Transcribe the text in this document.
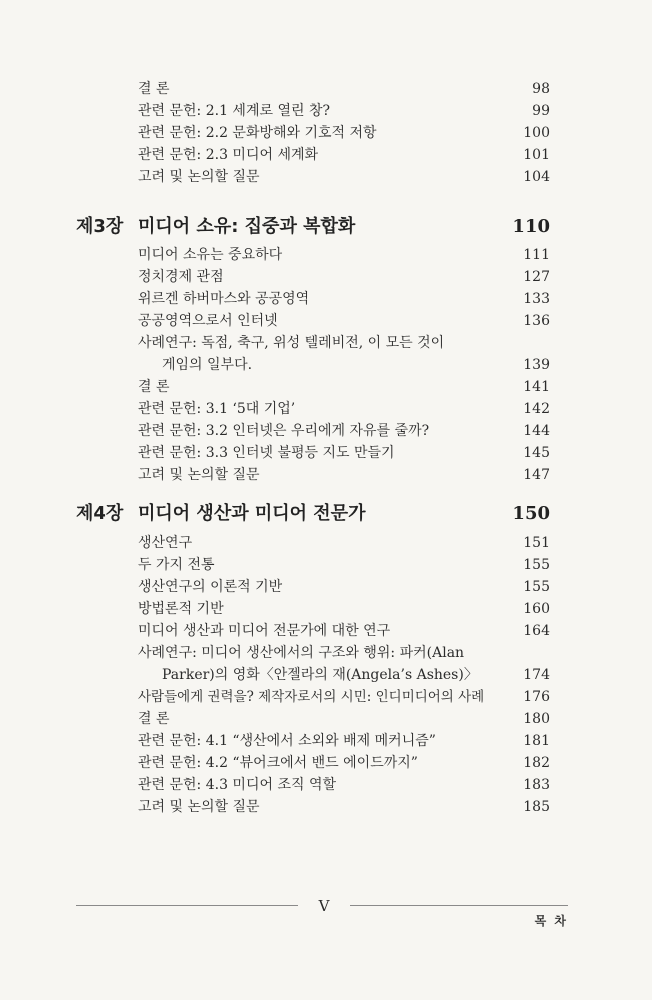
결 론	98
관련 문헌: 2.1 세계로 열린 창?	99
관련 문헌: 2.2 문화방해와 기호적 저항	100
관련 문헌: 2.3 미디어 세계화	101
고려 및 논의할 질문	104
제3장 미디어 소유: 집중과 복합화	110
미디어 소유는 중요하다	111
정치경제 관점	127
위르겐 하버마스와 공공영역	133
공공영역으로서 인터넷	136
사례연구: 독점, 축구, 위성 텔레비전, 이 모든 것이
게임의 일부다.	139
결 론	141
관련 문헌: 3.1 ‘5대 기업’	142
관련 문헌: 3.2 인터넷은 우리에게 자유를 줄까?	144
관련 문헌: 3.3 인터넷 불평등 지도 만들기	145
고려 및 논의할 질문	147
제4장 미디어 생산과 미디어 전문가	150
생산연구	151
두 가지 전통	155
생산연구의 이론적 기반	155
방법론적 기반	160
미디어 생산과 미디어 전문가에 대한 연구	164
사례연구: 미디어 생산에서의 구조와 행위: 파커(Alan
Parker)의 영화〈안젤라의 재(Angela’s Ashes)〉	174
사람들에게 권력을? 제작자로서의 시민: 인디미디어의 사례	176
결 론	180
관련 문헌: 4.1 “생산에서 소외와 배제 메커니즘”	181
관련 문헌: 4.2 “뷰어크에서 밴드 에이드까지”	182
관련 문헌: 4.3 미디어 조직 역할	183
고려 및 논의할 질문	185
V
목 차
